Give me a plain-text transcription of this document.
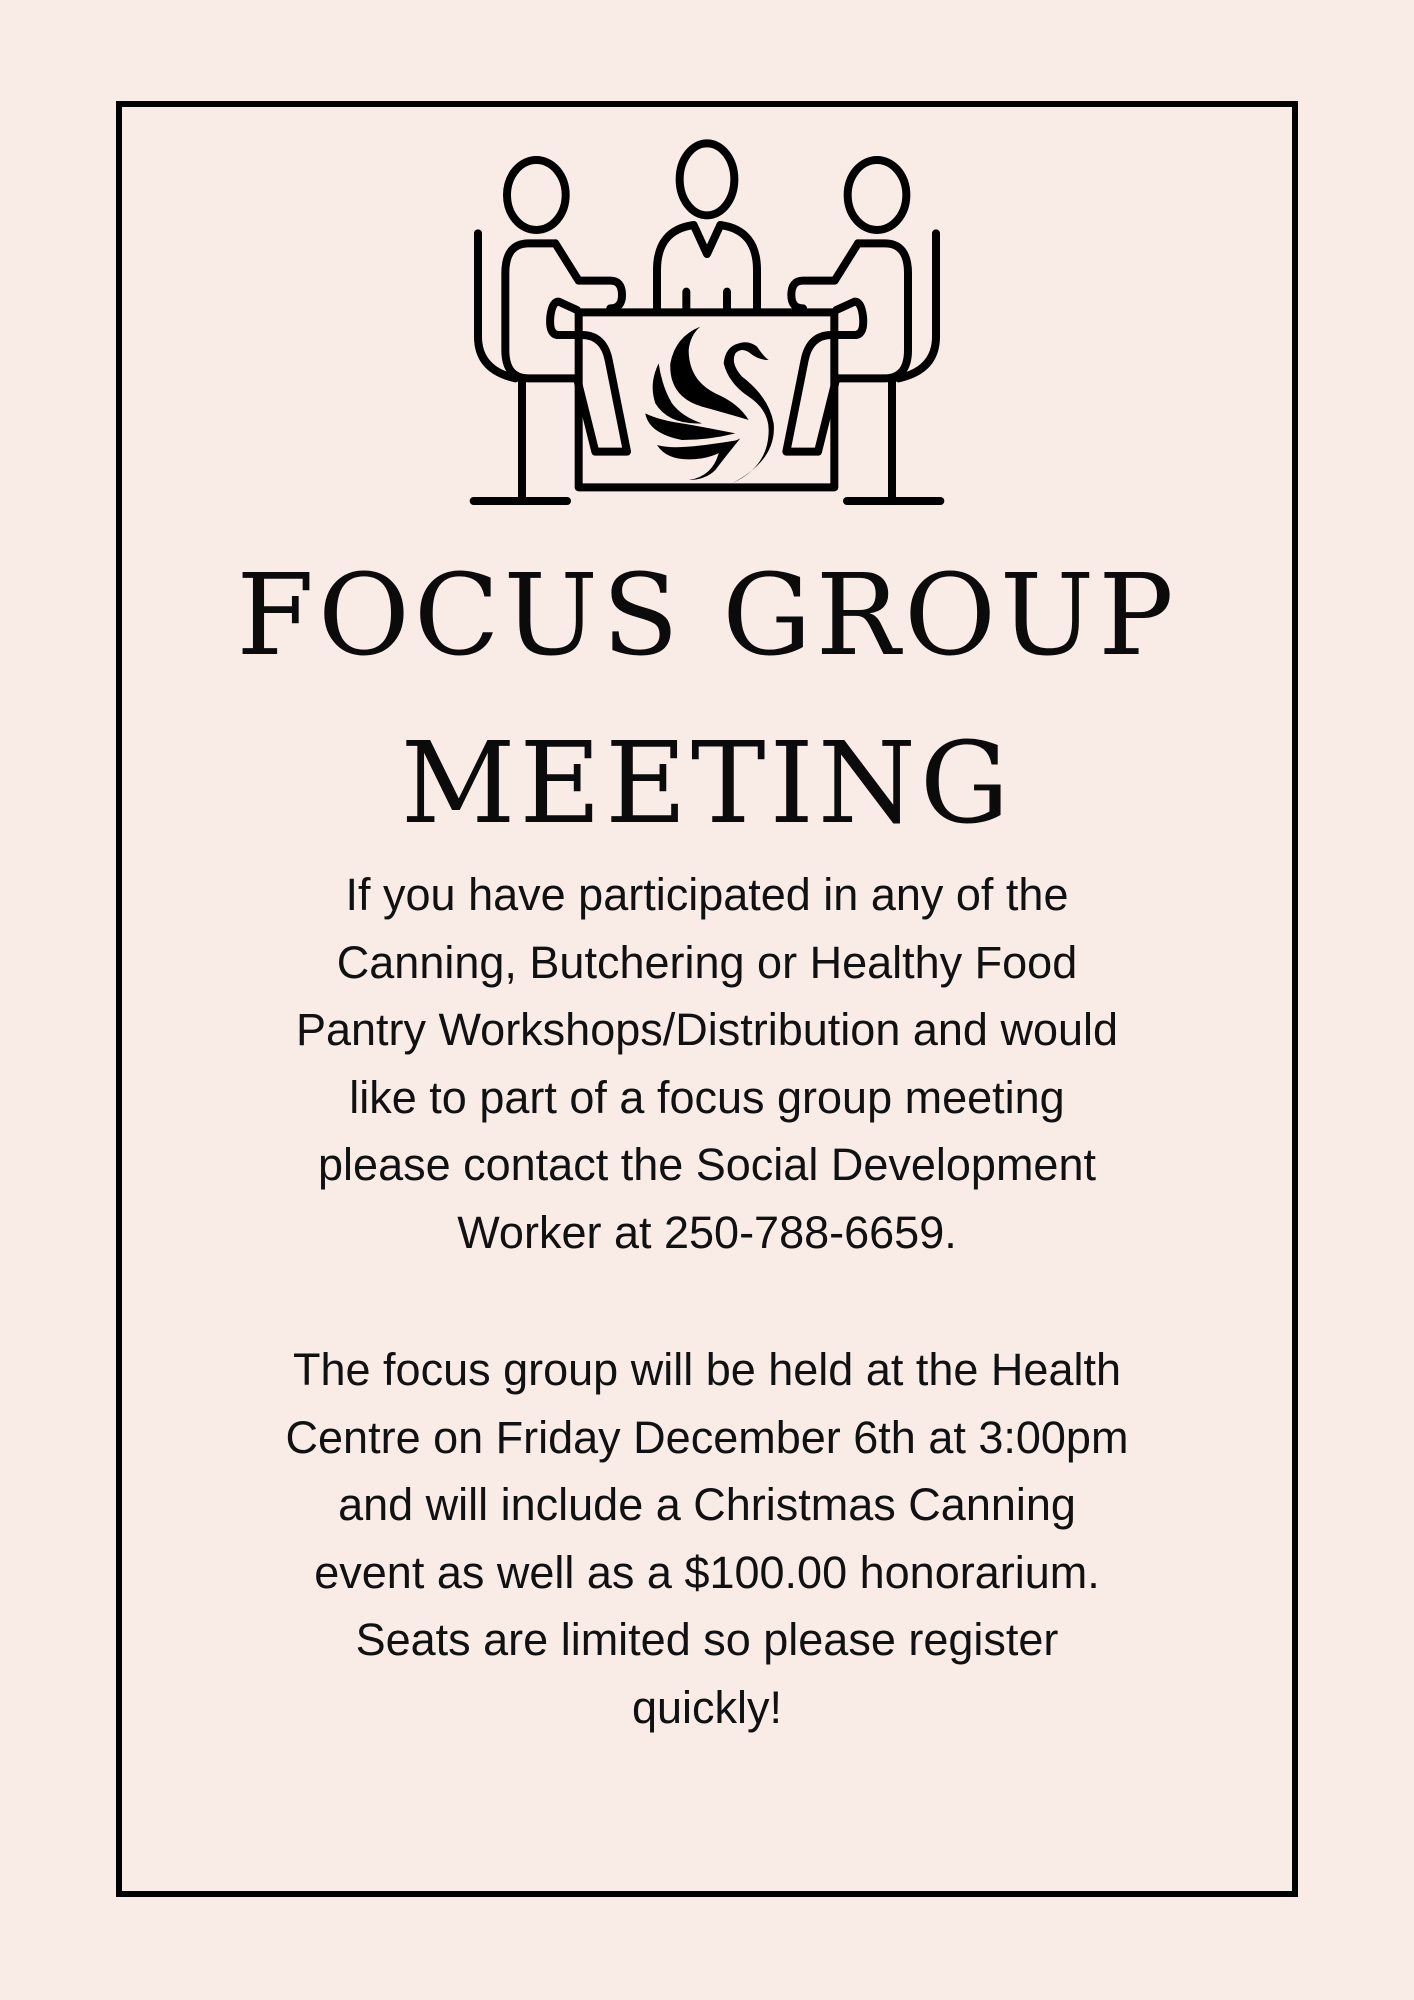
FOCUS GROUP
MEETING
If you have participated in any of the
Canning, Butchering or Healthy Food
Pantry Workshops/Distribution and would
like to part of a focus group meeting
please contact the Social Development
Worker at 250-788-6659.
The focus group will be held at the Health
Centre on Friday December 6th at 3:00pm
and will include a Christmas Canning
event as well as a $100.00 honorarium.
Seats are limited so please register
quickly!
